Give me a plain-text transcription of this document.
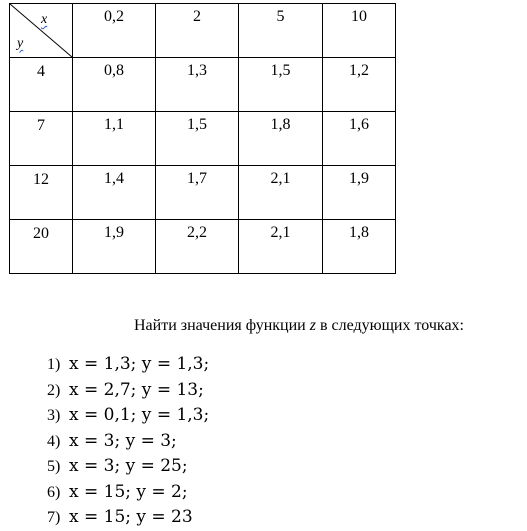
x
y	0,2	2	5	10

4	0,8	1,3	1,5	1,2

7	1,1	1,5	1,8	1,6

12	1,4	1,7	2,1	1,9

20	1,9	2,2	2,1	1,8

Найти значения функции z в следующих точках:

1) x = 1,3; y = 1,3;
2) x = 2,7; y = 13;
3) x = 0,1; y = 1,3;
4) x = 3; y = 3;
5) x = 3; y = 25;
6) x = 15; y = 2;
7) x = 15; y = 23
